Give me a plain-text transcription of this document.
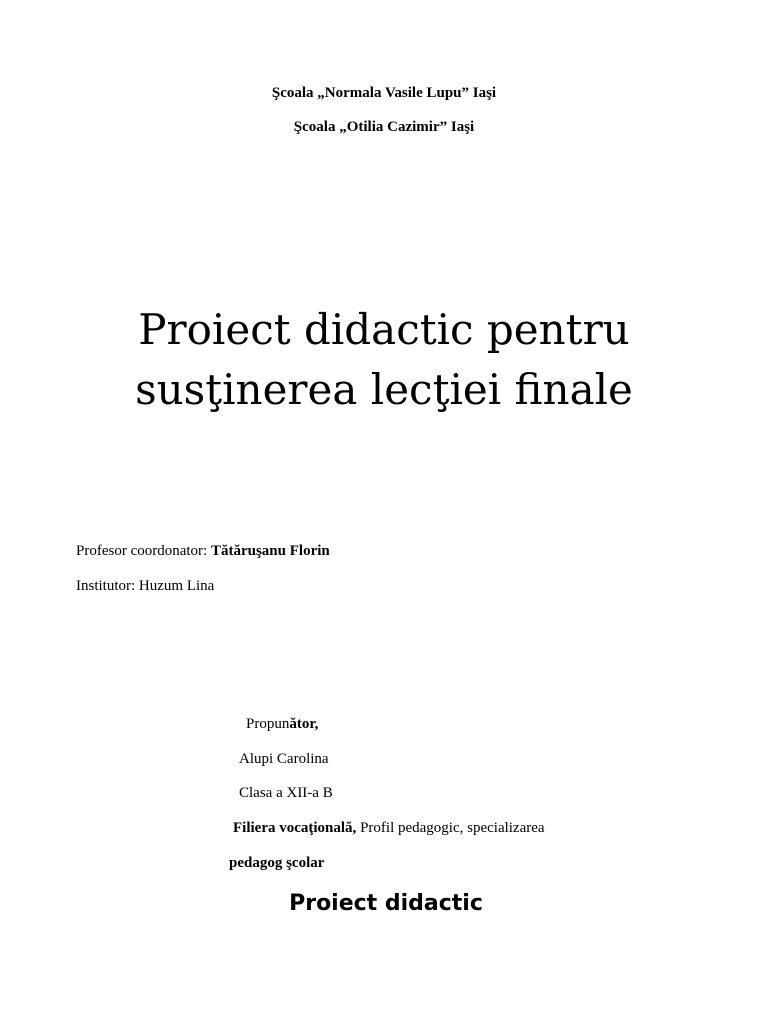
Şcoala „Normala Vasile Lupu” Iaşi
Şcoala „Otilia Cazimir” Iaşi
Proiect didactic pentru
susţinerea lecţiei finale
Profesor coordonator: Tătăruşanu Florin
Institutor: Huzum Lina
Propunător,
Alupi Carolina
Clasa a XII-a B
Filiera vocaţională, Profil pedagogic, specializarea
pedagog şcolar
Proiect didactic
